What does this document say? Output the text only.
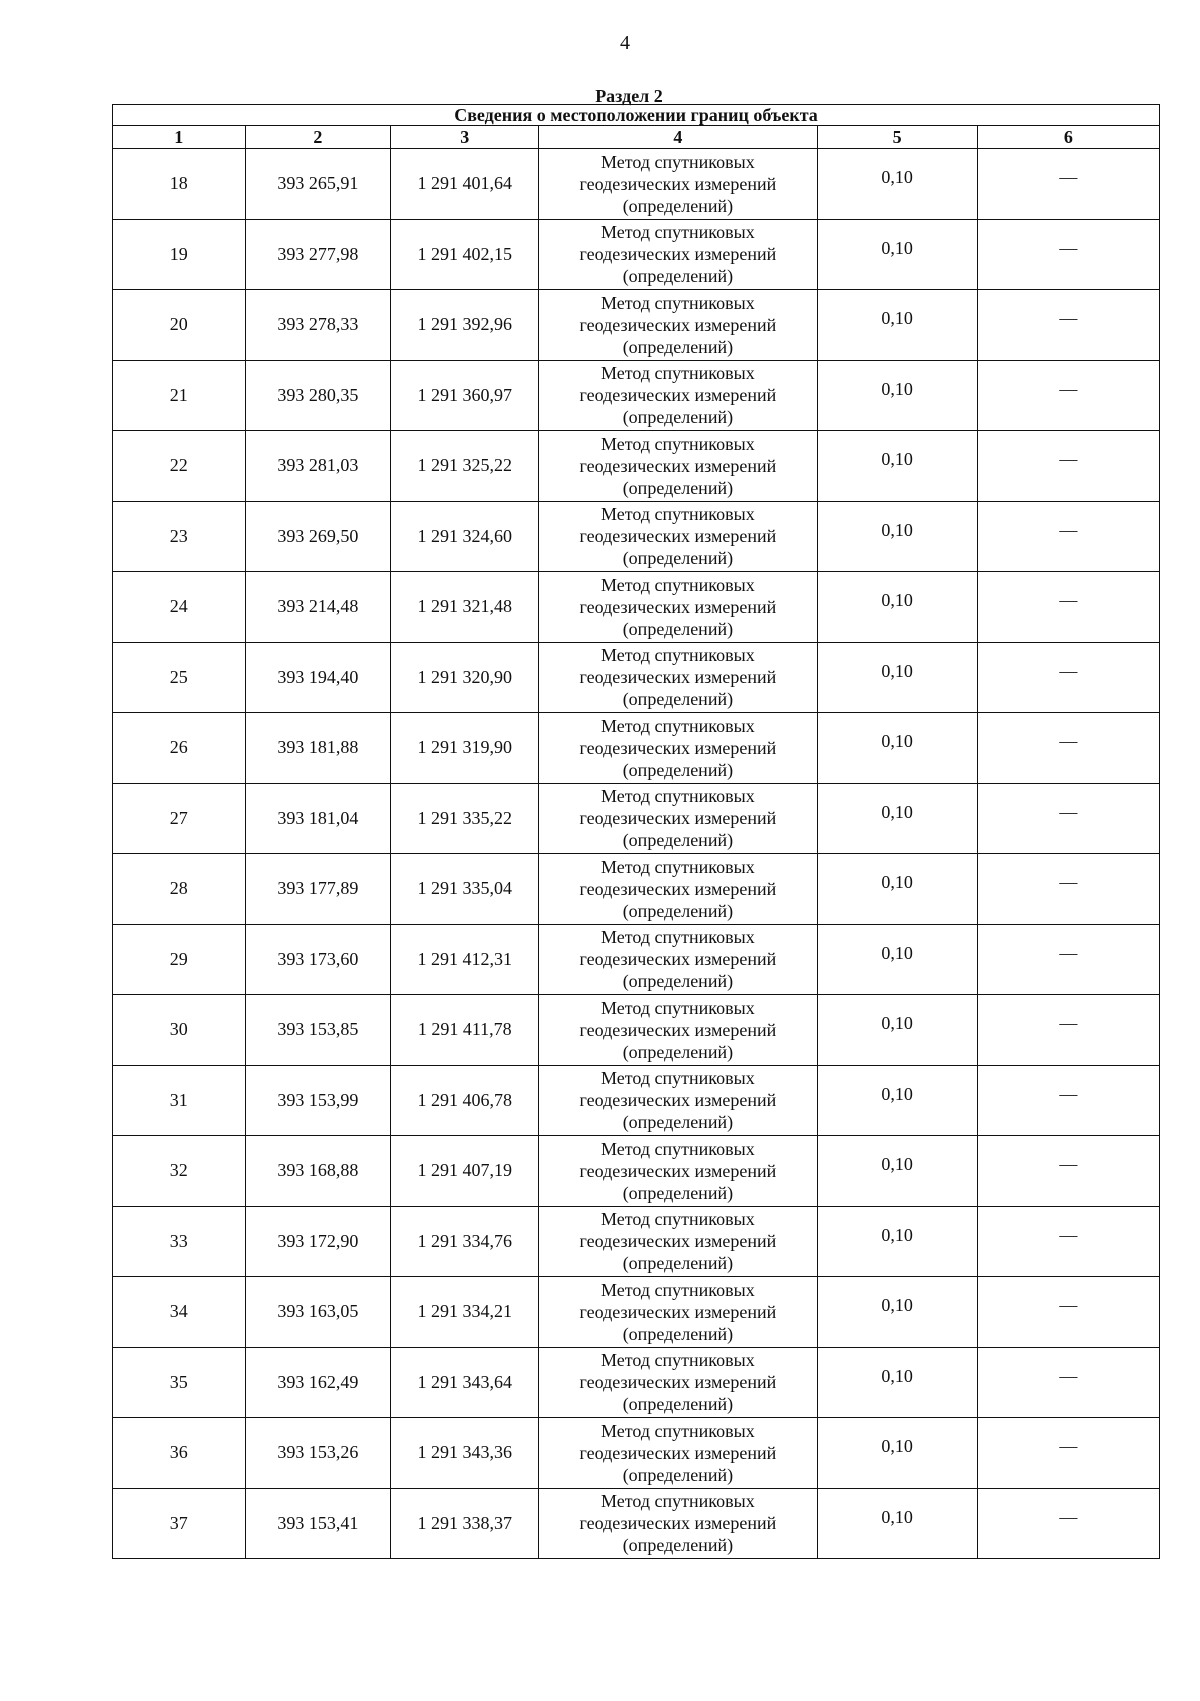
4
Раздел 2
Сведения о местоположении границ объекта					
1	2	3	4	5	6
18	393 265,91	1 291 401,64	Метод спутниковых
геодезических измерений
(определений)	0,10	—
19	393 277,98	1 291 402,15	Метод спутниковых
геодезических измерений
(определений)	0,10	—
20	393 278,33	1 291 392,96	Метод спутниковых
геодезических измерений
(определений)	0,10	—
21	393 280,35	1 291 360,97	Метод спутниковых
геодезических измерений
(определений)	0,10	—
22	393 281,03	1 291 325,22	Метод спутниковых
геодезических измерений
(определений)	0,10	—
23	393 269,50	1 291 324,60	Метод спутниковых
геодезических измерений
(определений)	0,10	—
24	393 214,48	1 291 321,48	Метод спутниковых
геодезических измерений
(определений)	0,10	—
25	393 194,40	1 291 320,90	Метод спутниковых
геодезических измерений
(определений)	0,10	—
26	393 181,88	1 291 319,90	Метод спутниковых
геодезических измерений
(определений)	0,10	—
27	393 181,04	1 291 335,22	Метод спутниковых
геодезических измерений
(определений)	0,10	—
28	393 177,89	1 291 335,04	Метод спутниковых
геодезических измерений
(определений)	0,10	—
29	393 173,60	1 291 412,31	Метод спутниковых
геодезических измерений
(определений)	0,10	—
30	393 153,85	1 291 411,78	Метод спутниковых
геодезических измерений
(определений)	0,10	—
31	393 153,99	1 291 406,78	Метод спутниковых
геодезических измерений
(определений)	0,10	—
32	393 168,88	1 291 407,19	Метод спутниковых
геодезических измерений
(определений)	0,10	—
33	393 172,90	1 291 334,76	Метод спутниковых
геодезических измерений
(определений)	0,10	—
34	393 163,05	1 291 334,21	Метод спутниковых
геодезических измерений
(определений)	0,10	—
35	393 162,49	1 291 343,64	Метод спутниковых
геодезических измерений
(определений)	0,10	—
36	393 153,26	1 291 343,36	Метод спутниковых
геодезических измерений
(определений)	0,10	—
37	393 153,41	1 291 338,37	Метод спутниковых
геодезических измерений
(определений)	0,10	—
